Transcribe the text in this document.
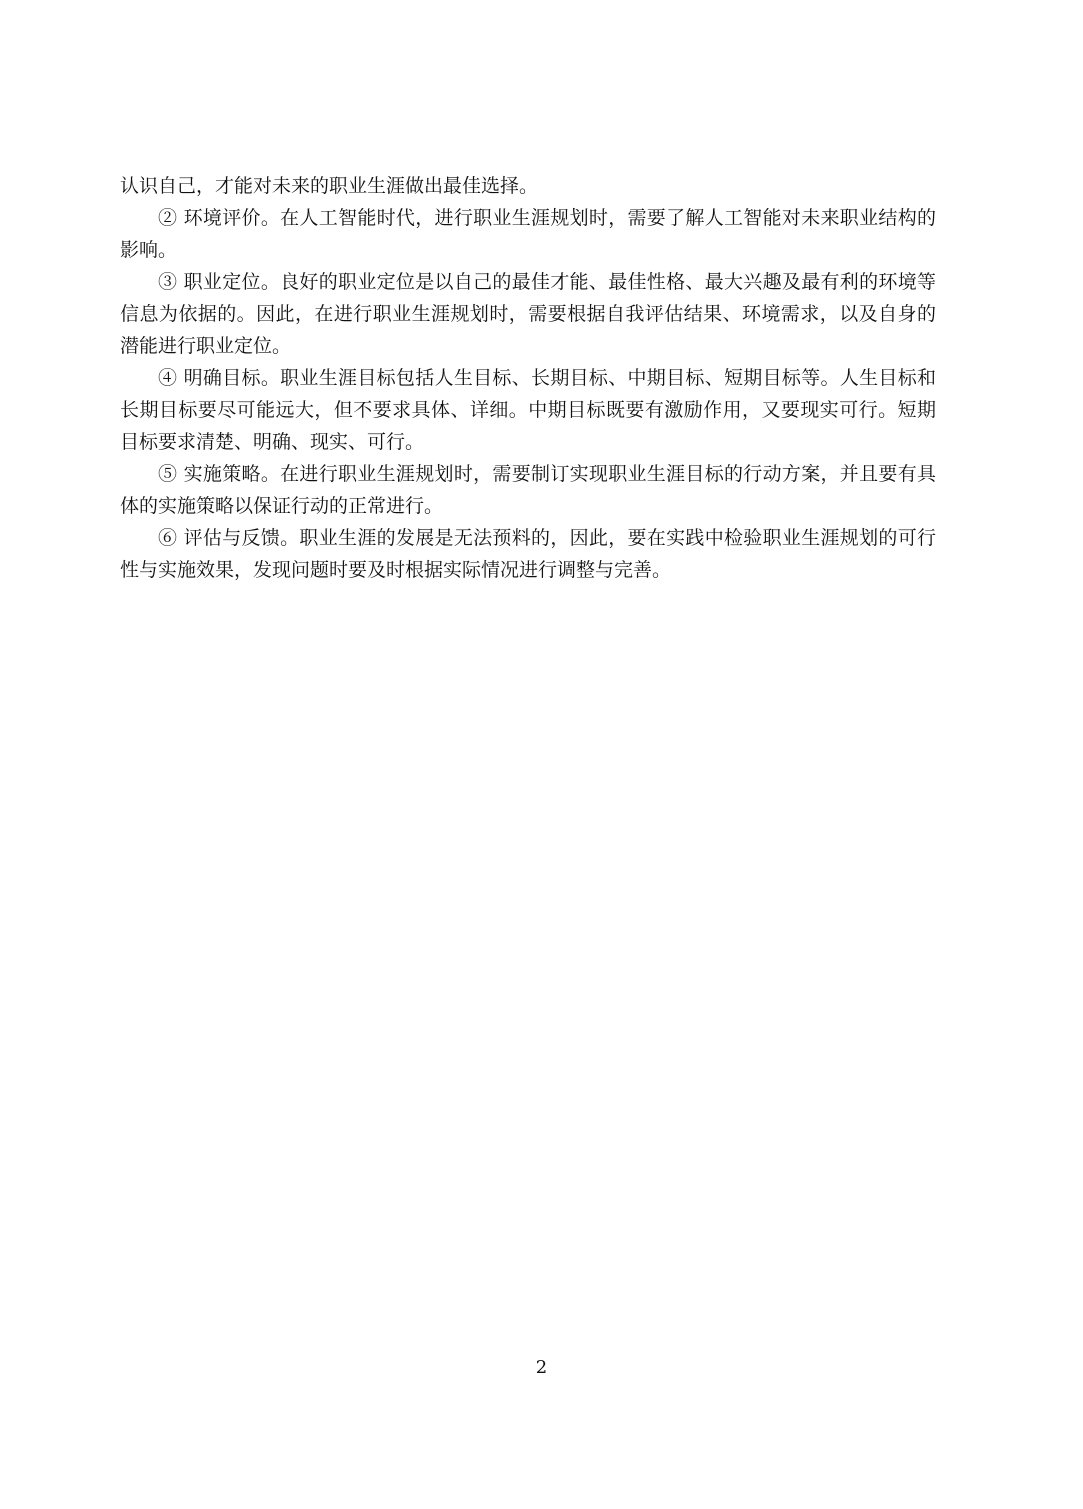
认识自己，才能对未来的职业生涯做出最佳选择。

② 环境评价。在人工智能时代，进行职业生涯规划时，需要了解人工智能对未来职业结构的影响。

③ 职业定位。良好的职业定位是以自己的最佳才能、最佳性格、最大兴趣及最有利的环境等信息为依据的。因此，在进行职业生涯规划时，需要根据自我评估结果、环境需求，以及自身的潜能进行职业定位。

④ 明确目标。职业生涯目标包括人生目标、长期目标、中期目标、短期目标等。人生目标和长期目标要尽可能远大，但不要求具体、详细。中期目标既要有激励作用，又要现实可行。短期目标要求清楚、明确、现实、可行。

⑤ 实施策略。在进行职业生涯规划时，需要制订实现职业生涯目标的行动方案，并且要有具体的实施策略以保证行动的正常进行。

⑥ 评估与反馈。职业生涯的发展是无法预料的，因此，要在实践中检验职业生涯规划的可行性与实施效果，发现问题时要及时根据实际情况进行调整与完善。

2
